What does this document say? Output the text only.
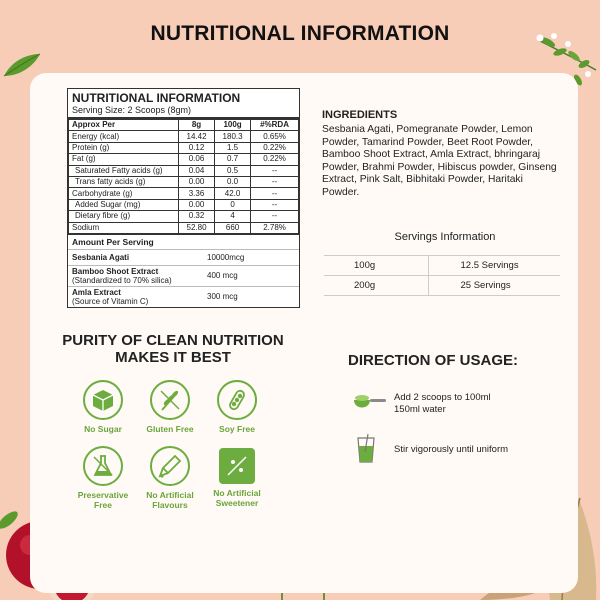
NUTRITIONAL INFORMATION
NUTRITIONAL INFORMATION
Serving Size: 2 Scoops (8gm)
Approx Per	8g	100g	#%RDA
Energy (kcal)	14.42	180.3	0.65%
Protein (g)	0.12	1.5	0.22%
Fat (g)	0.06	0.7	0.22%
Saturated Fatty acids (g)	0.04	0.5	--
Trans fatty acids (g)	0.00	0.0	--
Carbohydrate (g)	3.36	42.0	--
Added Sugar (mg)	0.00	0	--
Dietary fibre (g)	0.32	4	--
Sodium	52.80	660	2.78%
Amount Per Serving
Sesbania Agati	10000mcg
Bamboo Shoot Extract
(Standardized to 70% silica)	400 mcg
Amla Extract
(Source of Vitamin C)	300 mcg
INGREDIENTS
Sesbania Agati, Pomegranate Powder, Lemon Powder, Tamarind Powder, Beet Root Powder, Bamboo Shoot Extract, Amla Extract, bhringaraj Powder, Brahmi Powder, Hibiscus powder, Ginseng Extract, Pink Salt, Bibhitaki Powder, Haritaki Powder.
Servings Information
100g	12.5 Servings
200g	25 Servings
PURITY OF CLEAN NUTRITION MAKES IT BEST
No Sugar	Gluten Free	Soy Free
Preservative Free
No Artificial Flavours
No Artificial Sweetener
DIRECTION OF USAGE:
Add 2 scoops to 100ml 150ml water
Stir vigorously until uniform
